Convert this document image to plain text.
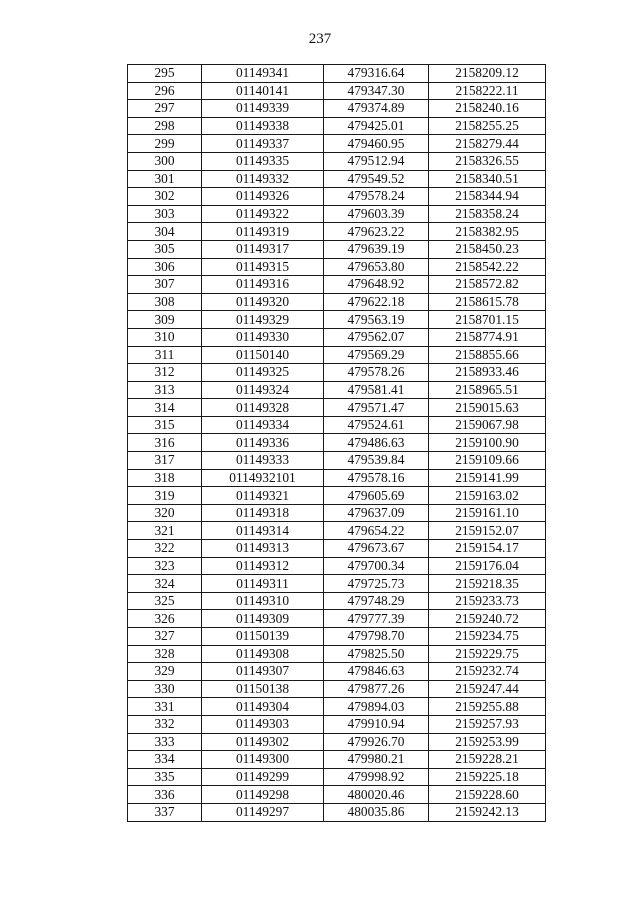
237
295	01149341	479316.64	2158209.12
296	01140141	479347.30	2158222.11
297	01149339	479374.89	2158240.16
298	01149338	479425.01	2158255.25
299	01149337	479460.95	2158279.44
300	01149335	479512.94	2158326.55
301	01149332	479549.52	2158340.51
302	01149326	479578.24	2158344.94
303	01149322	479603.39	2158358.24
304	01149319	479623.22	2158382.95
305	01149317	479639.19	2158450.23
306	01149315	479653.80	2158542.22
307	01149316	479648.92	2158572.82
308	01149320	479622.18	2158615.78
309	01149329	479563.19	2158701.15
310	01149330	479562.07	2158774.91
311	01150140	479569.29	2158855.66
312	01149325	479578.26	2158933.46
313	01149324	479581.41	2158965.51
314	01149328	479571.47	2159015.63
315	01149334	479524.61	2159067.98
316	01149336	479486.63	2159100.90
317	01149333	479539.84	2159109.66
318	0114932101	479578.16	2159141.99
319	01149321	479605.69	2159163.02
320	01149318	479637.09	2159161.10
321	01149314	479654.22	2159152.07
322	01149313	479673.67	2159154.17
323	01149312	479700.34	2159176.04
324	01149311	479725.73	2159218.35
325	01149310	479748.29	2159233.73
326	01149309	479777.39	2159240.72
327	01150139	479798.70	2159234.75
328	01149308	479825.50	2159229.75
329	01149307	479846.63	2159232.74
330	01150138	479877.26	2159247.44
331	01149304	479894.03	2159255.88
332	01149303	479910.94	2159257.93
333	01149302	479926.70	2159253.99
334	01149300	479980.21	2159228.21
335	01149299	479998.92	2159225.18
336	01149298	480020.46	2159228.60
337	01149297	480035.86	2159242.13
